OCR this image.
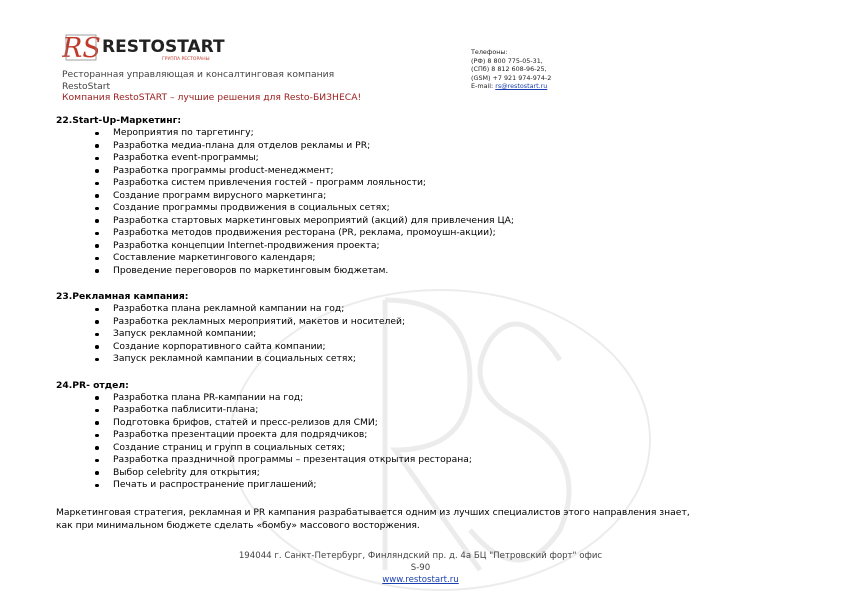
RS RESTOSTART
ГРУППА РЕСТОРАНЫ
Ресторанная управляющая и консалтинговая компания
RestoStart
Компания RestoSTART – лучшие решения для Resto-БИЗНЕСА!
Телефоны:
(РФ) 8 800 775-05-31,
(СПб) 8 812 608-96-25,
(GSM) +7 921 974-974-2
E-mail: rs@restostart.ru

22.Start-Up-Маркетинг:

Мероприятия по таргетингу;
Разработка медиа-плана для отделов рекламы и PR;
Разработка event-программы;
Разработка программы product-менеджмент;
Разработка систем привлечения гостей - программ лояльности;
Создание программ вирусного маркетинга;
Создание программы продвижения в социальных сетях;
Разработка стартовых маркетинговых мероприятий (акций) для привлечения ЦА;
Разработка методов продвижения ресторана (PR, реклама, промоушн-акции);
Разработка концепции Internet-продвижения проекта;
Составление маркетингового календаря;
Проведение переговоров по маркетинговым бюджетам.

23.Рекламная кампания:

Разработка плана рекламной кампании на год;
Разработка рекламных мероприятий, макетов и носителей;
Запуск рекламной компании;
Создание корпоративного сайта компании;
Запуск рекламной кампании в социальных сетях;

24.PR- отдел:

Разработка плана PR-кампании на год;
Разработка паблисити-плана;
Подготовка брифов, статей и пресс-релизов для СМИ;
Разработка презентации проекта для подрядчиков;
Создание страниц и групп в социальных сетях;
Разработка праздничной программы – презентация открытия ресторана;
Выбор celebrity для открытия;
Печать и распространение приглашений;
Маркетинговая стратегия, рекламная и PR кампания разрабатывается одним из лучших специалистов этого направления знает,
как при минимальном бюджете сделать «бомбу» массового восторжения.
194044 г. Санкт-Петербург, Финляндский пр. д. 4а БЦ "Петровский форт" офис
S-90
www.restostart.ru
